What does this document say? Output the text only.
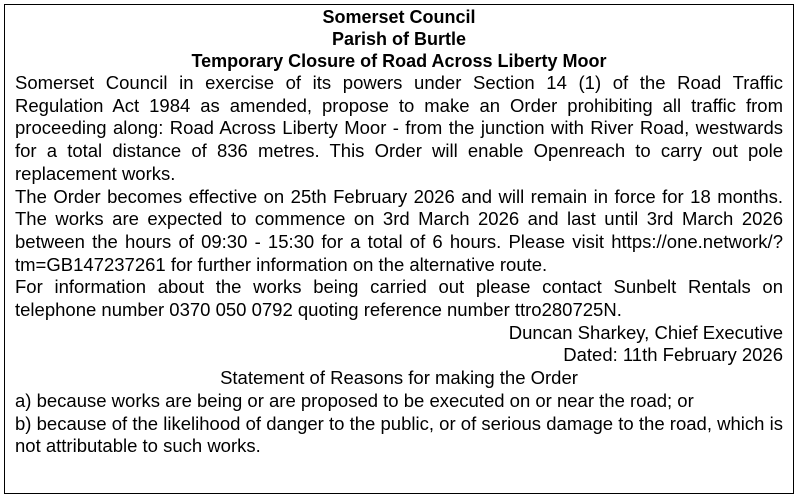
Somerset Council

Parish of Burtle

Temporary Closure of Road Across Liberty Moor

Somerset Council in exercise of its powers under Section 14 (1) of the Road Traffic Regulation Act 1984 as amended, propose to make an Order prohibiting all traffic from proceeding along: Road Across Liberty Moor - from the junction with River Road, westwards for a total distance of 836 metres. This Order will enable Openreach to carry out pole replacement works.

The Order becomes effective on 25th February 2026 and will remain in force for 18 months. The works are expected to commence on 3rd March 2026 and last until 3rd March 2026 between the hours of 09:30 - 15:30 for a total of 6 hours. Please visit https://one.network/?tm=GB147237261 for further information on the alternative route.

For information about the works being carried out please contact Sunbelt Rentals on telephone number 0370 050 0792 quoting reference number ttro280725N.

Duncan Sharkey, Chief Executive

Dated: 11th February 2026

Statement of Reasons for making the Order

a) because works are being or are proposed to be executed on or near the road; or

b) because of the likelihood of danger to the public, or of serious damage to the road, which is not attributable to such works.
